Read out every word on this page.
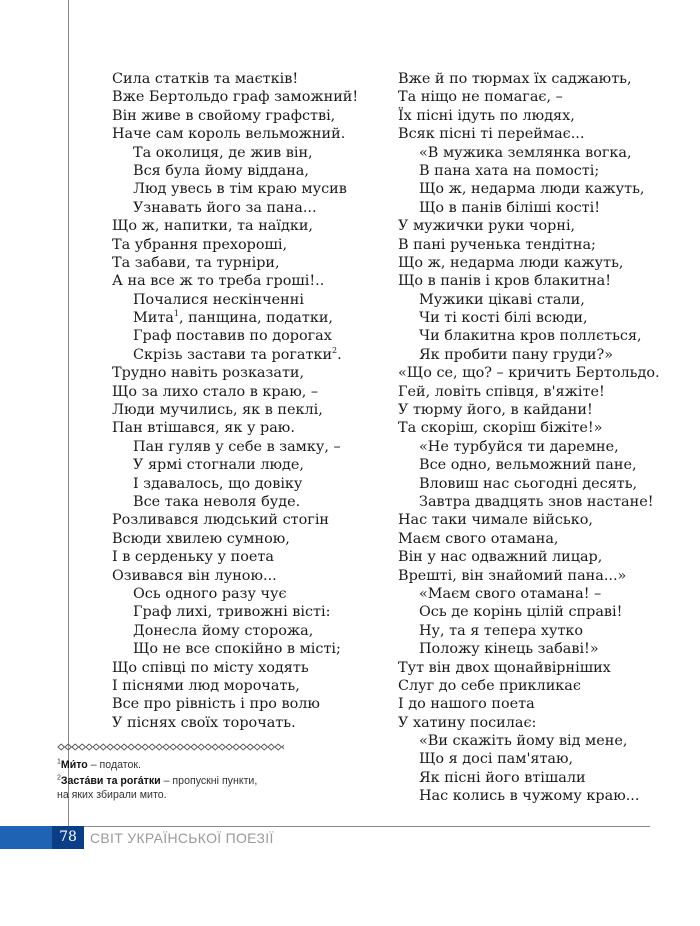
Сила статків та маєтків!
Вже Бертольдо граф заможний!
Він живе в свойому графстві,
Наче сам король вельможний.
Та околиця, де жив він,
Вся була йому віддана,
Люд увесь в тім краю мусив
Узнавать його за пана...
Що ж, напитки, та наїдки,
Та убрання прехороші,
Та забави, та турніри,
А на все ж то треба гроші!..
Почалися нескінченні
Мита$^1$, панщина, податки,
Граф поставив по дорогах
Скрізь застави та рогатки$^2$.
Трудно навіть розказати,
Що за лихо стало в краю, –
Люди мучились, як в пеклі,
Пан втішався, як у раю.
Пан гуляв у себе в замку, –
У ярмі стогнали люде,
І здавалось, що довіку
Все така неволя буде.
Розливався людський стогін
Всюди хвилею сумною,
І в серденьку у поета
Озивався він луною...
Ось одного разу чує
Граф лихі, тривожні вісті:
Донесла йому сторожа,
Що не все спокійно в місті;
Що співці по місту ходять
І піснями люд морочать,
Все про рівність і про волю
У піснях своїх торочать.
Вже й по тюрмах їх саджають,
Та ніщо не помагає, –
Їх пісні ідуть по людях,
Всяк пісні ті переймає...
«В мужика землянка вогка,
В пана хата на помості;
Що ж, недарма люди кажуть,
Що в панів біліші кості!
У мужички руки чорні,
В пані рученька тендітна;
Що ж, недарма люди кажуть,
Що в панів і кров блакитна!
Мужики цікаві стали,
Чи ті кості білі всюди,
Чи блакитна кров поллється,
Як пробити пану груди?»
«Що се, що? – кричить Бертольдо.
Гей, ловіть співця, в'яжіте!
У тюрму його, в кайдани!
Та скоріш, скоріш біжіте!»
«Не турбуйся ти даремне,
Все одно, вельможний пане,
Вловиш нас сьогодні десять,
Завтра двадцять знов настане!
Нас таки чимале військо,
Маєм свого отамана,
Він у нас одважний лицар,
Врешті, він знайомий пана...»
«Маєм свого отамана! –
Ось де корінь цілій справі!
Ну, та я тепера хутко
Положу кінець забаві!»
Тут він двох щонайвірніших
Слуг до себе прикликає
І до нашого поета
У хатину посилає:
«Ви скажіть йому від мене,
Що я досі пам'ятаю,
Як пісні його втішали
Нас колись в чужому краю...
$^1$Ми́то – податок.
$^2$Заста́ви та рога́тки – пропускні пункти,
на яких збирали мито.
78 СВІТ УКРАЇНСЬКОЇ ПОЕЗІЇ
